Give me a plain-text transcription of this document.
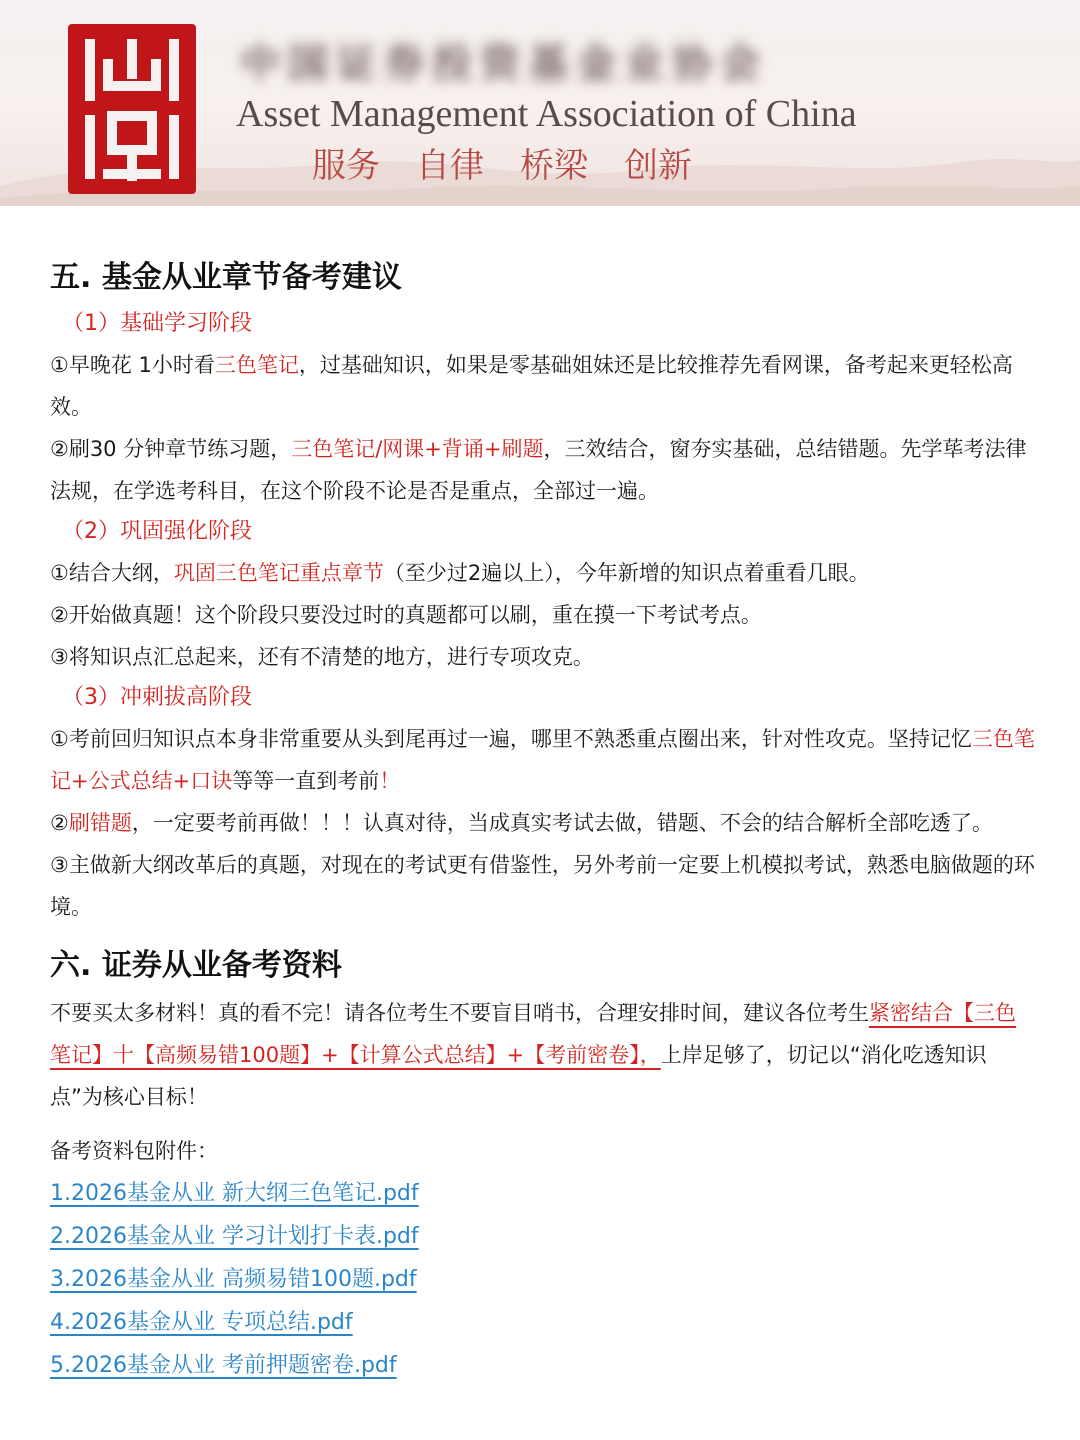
中国证券投资基金业协会
Asset Management Association of China
服务 自律 桥梁 创新
五. 基金从业章节备考建议

（1）基础学习阶段

①早晚花 1小时看三色笔记，过基础知识，如果是零基础姐妹还是比较推荐先看网课，备考起来更轻松高效。

②刷30 分钟章节练习题，三色笔记/网课+背诵+刷题，三效结合，窗夯实基础，总结错题。先学荜考法律法规，在学选考科目，在这个阶段不论是否是重点，全部过一遍。

（2）巩固强化阶段

①结合大纲，巩固三色笔记重点章节（至少过2遍以上），今年新增的知识点着重看几眼。

②开始做真题！这个阶段只要没过时的真题都可以刷，重在摸一下考试考点。

③将知识点汇总起来，还有不清楚的地方，进行专项攻克。

（3）冲刺拔高阶段

①考前回归知识点本身非常重要从头到尾再过一遍，哪里不熟悉重点圈出来，针对性攻克。坚持记忆三色笔记+公式总结+口诀等等一直到考前！

②刷错题，一定要考前再做！！！认真对待，当成真实考试去做，错题、不会的结合解析全部吃透了。

③主做新大纲改革后的真题，对现在的考试更有借鉴性，另外考前一定要上机模拟考试，熟悉电脑做题的环境。

六. 证券从业备考资料

不要买太多材料！真的看不完！请各位考生不要盲目哨书，合理安排时间，建议各位考生紧密结合【三色笔记】十【高频易错100题】+【计算公式总结】+【考前密卷】，上岸足够了，切记以“消化吃透知识点”为核心目标！

备考资料包附件：

1.2026基金从业 新大纲三色笔记.pdf
2.2026基金从业 学习计划打卡表.pdf
3.2026基金从业 高频易错100题.pdf
4.2026基金从业 专项总结.pdf
5.2026基金从业 考前押题密卷.pdf
